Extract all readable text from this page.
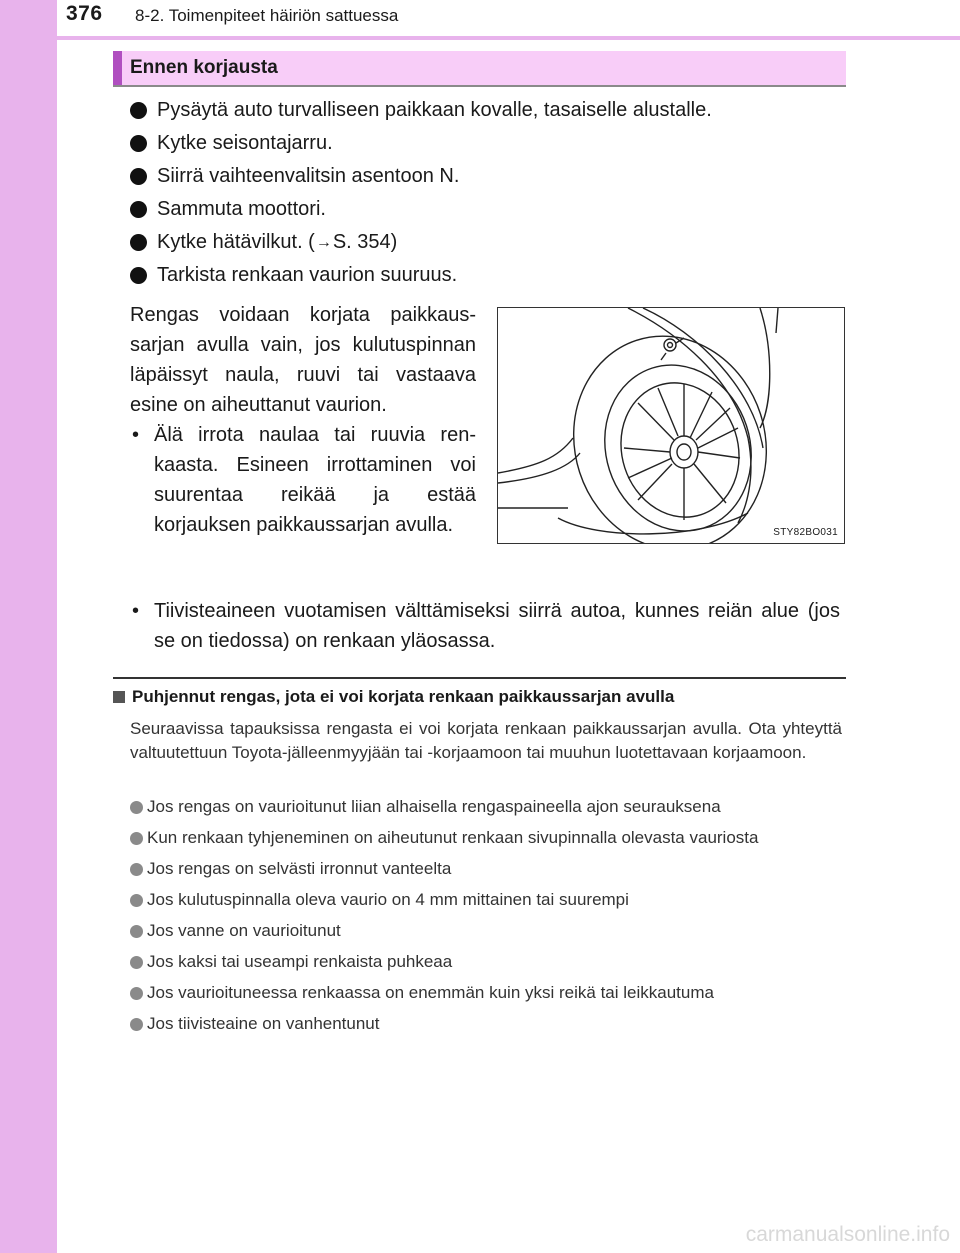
376 8-2. Toimenpiteet häiriön sattuessa
Ennen korjausta
Pysäytä auto turvalliseen paikkaan kovalle, tasaiselle alustalle.
Kytke seisontajarru.
Siirrä vaihteenvalitsin asentoon N.
Sammuta moottori.
Kytke hätävilkut. ( → S. 354)
Tarkista renkaan vaurion suuruus.
Rengas voidaan korjata paikkaussarjan avulla vain, jos kulutuspinnan läpäissyt naula, ruuvi tai vastaava esine on aiheuttanut vaurion.
• Älä irrota naulaa tai ruuvia renkaasta. Esineen irrottaminen voi suurentaa reikää ja estää korjauksen paikkaussarjan avulla.
• Tiivisteaineen vuotamisen välttämiseksi siirrä autoa, kunnes reiän alue (jos se on tiedossa) on renkaan yläosassa.
STY82BO031
Puhjennut rengas, jota ei voi korjata renkaan paikkaussarjan avulla
Seuraavissa tapauksissa rengasta ei voi korjata renkaan paikkaussarjan avulla. Ota yhteyttä valtuutettuun Toyota-jälleenmyyjään tai -korjaamoon tai muuhun luotettavaan korjaamoon.
Jos rengas on vaurioitunut liian alhaisella rengaspaineella ajon seurauksena
Kun renkaan tyhjeneminen on aiheutunut renkaan sivupinnalla olevasta vauriosta
Jos rengas on selvästi irronnut vanteelta
Jos kulutuspinnalla oleva vaurio on 4 mm mittainen tai suurempi
Jos vanne on vaurioitunut
Jos kaksi tai useampi renkaista puhkeaa
Jos vaurioituneessa renkaassa on enemmän kuin yksi reikä tai leikkautuma
Jos tiivisteaine on vanhentunut
carmanualsonline.info
